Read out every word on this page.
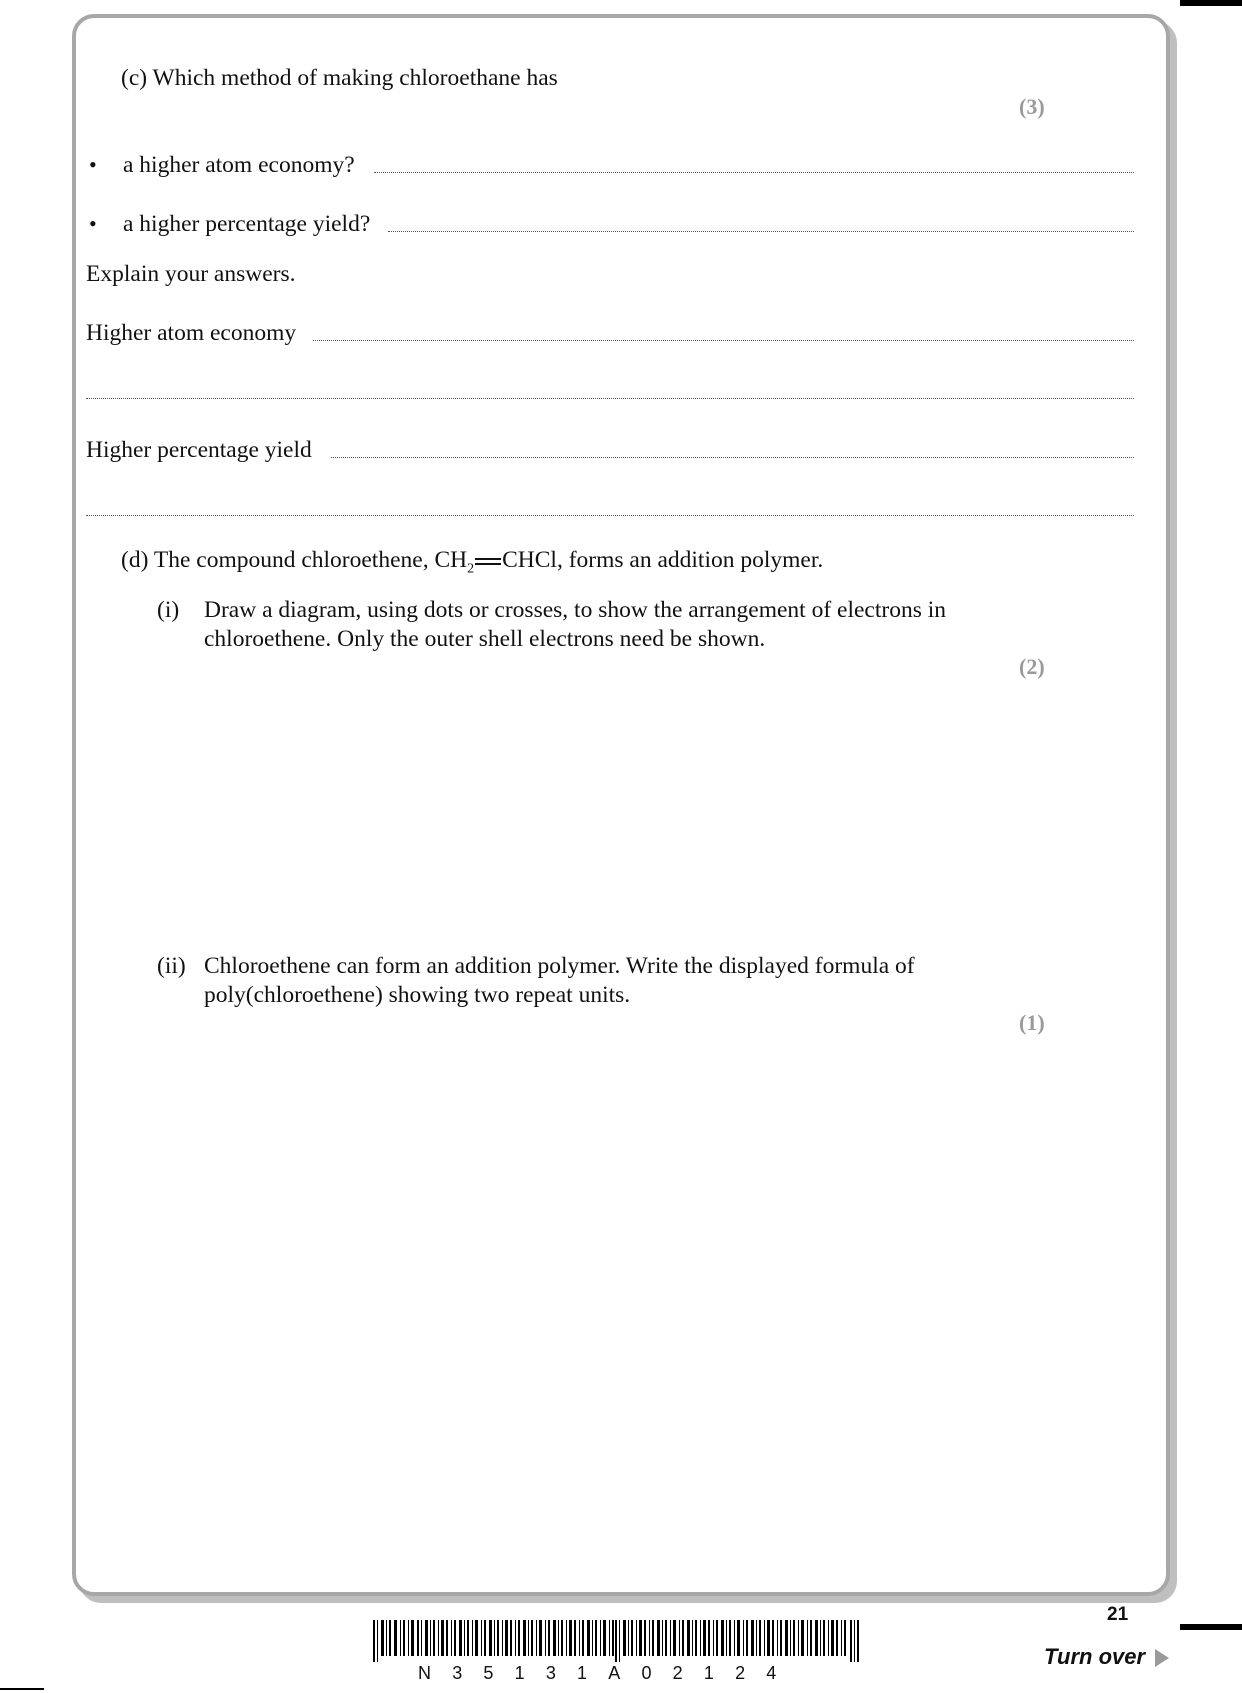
(c) Which method of making chloroethane has
(3)
• a higher atom economy?
• a higher percentage yield?
Explain your answers.
Higher atom economy
Higher percentage yield
(d) The compound chloroethene, $CH_2$ CHCl, forms an addition polymer.
(i) Draw a diagram, using dots or crosses, to show the arrangement of electrons in
chloroethene. Only the outer shell electrons need be shown.
(2)
(ii) Chloroethene can form an addition polymer. Write the displayed formula of
poly(chloroethene) showing two repeat units.
(1)
21
Turn over
N35131A02124
